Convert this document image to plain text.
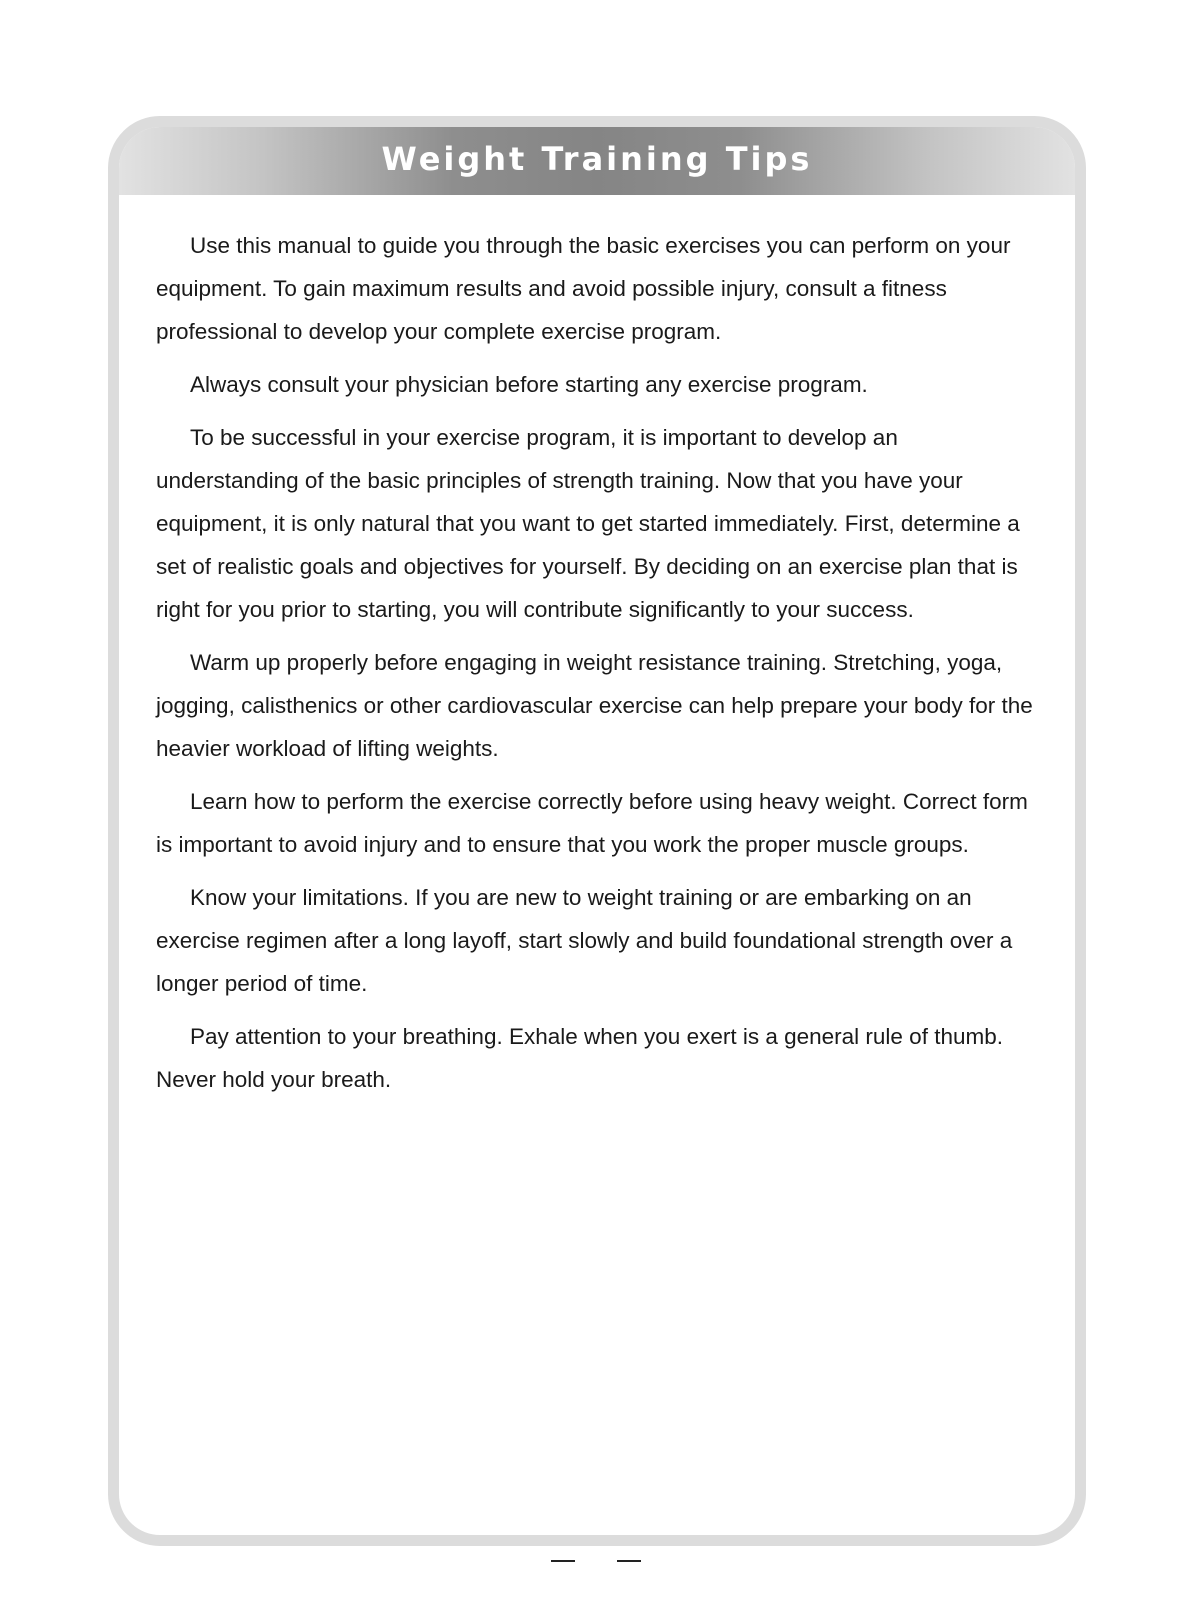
Weight Training Tips

Use this manual to guide you through the basic exercises you can perform on your equipment. To gain maximum results and avoid possible injury, consult a fitness professional to develop your complete exercise program.

Always consult your physician before starting any exercise program.

To be successful in your exercise program, it is important to develop an understanding of the basic principles of strength training. Now that you have your equipment, it is only natural that you want to get started immediately. First, determine a set of realistic goals and objectives for yourself. By deciding on an exercise plan that is right for you prior to starting, you will contribute significantly to your success.

Warm up properly before engaging in weight resistance training. Stretching, yoga, jogging, calisthenics or other cardiovascular exercise can help prepare your body for the heavier workload of lifting weights.

Learn how to perform the exercise correctly before using heavy weight. Correct form is important to avoid injury and to ensure that you work the proper muscle groups.

Know your limitations. If you are new to weight training or are embarking on an exercise regimen after a long layoff, start slowly and build foundational strength over a longer period of time.

Pay attention to your breathing. Exhale when you exert is a general rule of thumb. Never hold your breath.
